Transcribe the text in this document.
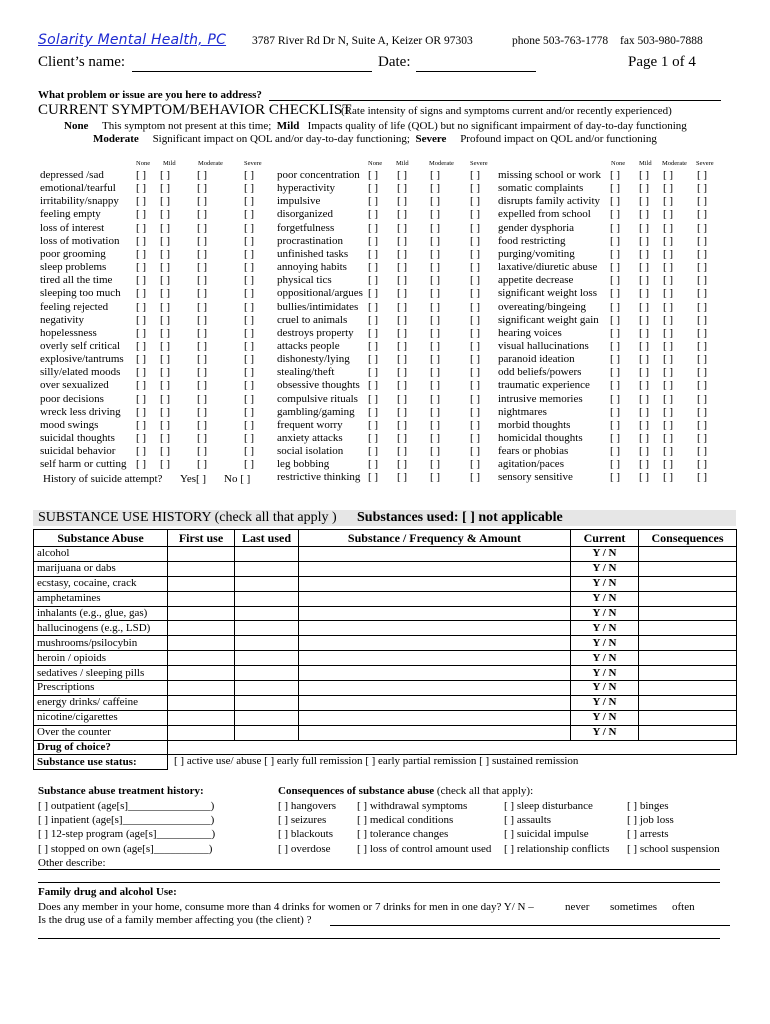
Solarity Mental Health, PC 3787 River Rd Dr N, Suite A, Keizer OR 97303	phone 503-763-1778 fax 503-980-7888
Client’s name:	Date:	Page 1 of 4
What problem or issue are you here to address?
CURRENT SYMPTOM/BEHAVIOR CHECKLIST
(Rate intensity of signs and symptoms current and/or recently experienced)
None This symptom not present at this time; Mild Impacts quality of life (QOL) but no significant impairment of day-to-day functioning
Moderate Significant impact on QOL and/or day-to-day functioning; Severe Profound impact on QOL and/or functioning
None Mild	Moderate	Severe
depressed /sad	[ ] [ ] [ ]	[ ]
emotional/tearful [ ] [ ] [ ]	[ ]
irritability/snappy [ ] [ ] [ ]	[ ]
feeling empty	[ ] [ ] [ ]	[ ]
loss of interest	[ ] [ ] [ ]	[ ]
loss of motivation [ ] [ ] [ ]	[ ]
poor grooming	[ ] [ ] [ ]	[ ]
sleep problems	[ ] [ ] [ ]	[ ]
tired all the time [ ] [ ] [ ]	[ ]
sleeping too much [ ] [ ] [ ]	[ ]
feeling rejected	[ ] [ ] [ ]	[ ]
negativity	[ ] [ ] [ ]	[ ]
hopelessness	[ ] [ ] [ ]	[ ]
overly self critical [ ] [ ] [ ]	[ ]
explosive/tantrums [ ] [ ] [ ]	[ ]
silly/elated moods [ ] [ ] [ ]	[ ]
over sexualized [ ] [ ] [ ]	[ ]
poor decisions	[ ] [ ] [ ]	[ ]
wreck less driving [ ] [ ] [ ]	[ ]
mood swings	[ ] [ ] [ ]	[ ]
suicidal thoughts [ ] [ ] [ ]	[ ]
suicidal behavior [ ] [ ] [ ]	[ ]
self harm or cutting [ ] [ ] [ ]	[ ]
None Mild	Moderate Severe
poor concentration [ ] [ ] [ ]	[ ]
hyperactivity	[ ] [ ] [ ]	[ ]
impulsive	[ ] [ ] [ ]	[ ]
disorganized	[ ] [ ] [ ]	[ ]
forgetfulness	[ ] [ ] [ ]	[ ]
procrastination [ ] [ ] [ ]	[ ]
unfinished tasks [ ] [ ] [ ]	[ ]
annoying habits [ ] [ ] [ ]	[ ]
physical tics	[ ] [ ] [ ]	[ ]
oppositional/argues [ ] [ ] [ ]	[ ]
bullies/intimidates [ ] [ ] [ ]	[ ]
cruel to animals [ ] [ ] [ ]	[ ]
destroys property [ ] [ ] [ ]	[ ]
attacks people	[ ] [ ] [ ]	[ ]
dishonesty/lying [ ] [ ] [ ]	[ ]
stealing/theft	[ ] [ ] [ ]	[ ]
obsessive thoughts [ ] [ ] [ ]	[ ]
compulsive rituals [ ] [ ] [ ]	[ ]
gambling/gaming [ ] [ ] [ ]	[ ]
frequent worry [ ] [ ] [ ]	[ ]
anxiety attacks [ ] [ ] [ ]	[ ]
social isolation [ ] [ ] [ ]	[ ]
leg bobbing	[ ] [ ] [ ]	[ ]
restrictive thinking [ ] [ ] [ ]	[ ]
None Mild Moderate Severe
missing school or work [ ] [ ] [ ] [ ]
somatic complaints [ ] [ ] [ ] [ ]
disrupts family activity [ ] [ ] [ ] [ ]
expelled from school [ ] [ ] [ ] [ ]
gender dysphoria	[ ] [ ] [ ] [ ]
food restricting	[ ] [ ] [ ] [ ]
purging/vomiting	[ ] [ ] [ ] [ ]
laxative/diuretic abuse [ ] [ ] [ ] [ ]
appetite decrease	[ ] [ ] [ ] [ ]
significant weight loss [ ] [ ] [ ] [ ]
overeating/bingeing [ ] [ ] [ ] [ ]
significant weight gain [ ] [ ] [ ] [ ]
hearing voices	[ ] [ ] [ ] [ ]
visual hallucinations [ ] [ ] [ ] [ ]
paranoid ideation	[ ] [ ] [ ] [ ]
odd beliefs/powers	[ ] [ ] [ ] [ ]
traumatic experience [ ] [ ] [ ] [ ]
intrusive memories [ ] [ ] [ ] [ ]
nightmares	[ ] [ ] [ ] [ ]
morbid thoughts	[ ] [ ] [ ] [ ]
homicidal thoughts [ ] [ ] [ ] [ ]
fears or phobias	[ ] [ ] [ ] [ ]
agitation/paces	[ ] [ ] [ ] [ ]
sensory sensitive	[ ] [ ] [ ] [ ]
History of suicide attempt? Yes[ ] No [ ]
SUBSTANCE USE HISTORY (check all that apply ) Substances used: [ ] not applicable
Substance Abuse	First use	Last used	Substance / Frequency & Amount	Current	Consequences
alcohol				Y / N	
marijuana or dabs				Y / N	
ecstasy, cocaine, crack				Y / N	
amphetamines				Y / N	
inhalants (e.g., glue, gas)				Y / N	
hallucinogens (e.g., LSD)				Y / N	
mushrooms/psilocybin				Y / N	
heroin / opioids				Y / N	
sedatives / sleeping pills				Y / N	
Prescriptions				Y / N	
energy drinks/ caffeine				Y / N	
nicotine/cigarettes				Y / N	
Over the counter				Y / N	
Drug of choice?					
Substance use status:						[ ] active use/ abuse [ ] early full remission [ ] early partial remission [ ] sustained remission
Substance abuse treatment history:
[ ] outpatient (age[s]_______________)
[ ] inpatient (age[s]________________)
[ ] 12-step program (age[s]__________)
[ ] stopped on own (age[s]__________)
Other describe:
Consequences of substance abuse (check all that apply):
[ ] hangovers
[ ] seizures
[ ] blackouts
[ ] overdose
[ ] withdrawal symptoms
[ ] medical conditions
[ ] tolerance changes
[ ] loss of control amount used
[ ] sleep disturbance
[ ] assaults
[ ] suicidal impulse
[ ] relationship conflicts
[ ] binges
[ ] job loss
[ ] arrests
[ ] school suspension
Family drug and alcohol Use:
Does any member in your home, consume more than 4 drinks for women or 7 drinks for men in one day? Y/ N –	never sometimes often
Is the drug use of a family member affecting you (the client) ?
